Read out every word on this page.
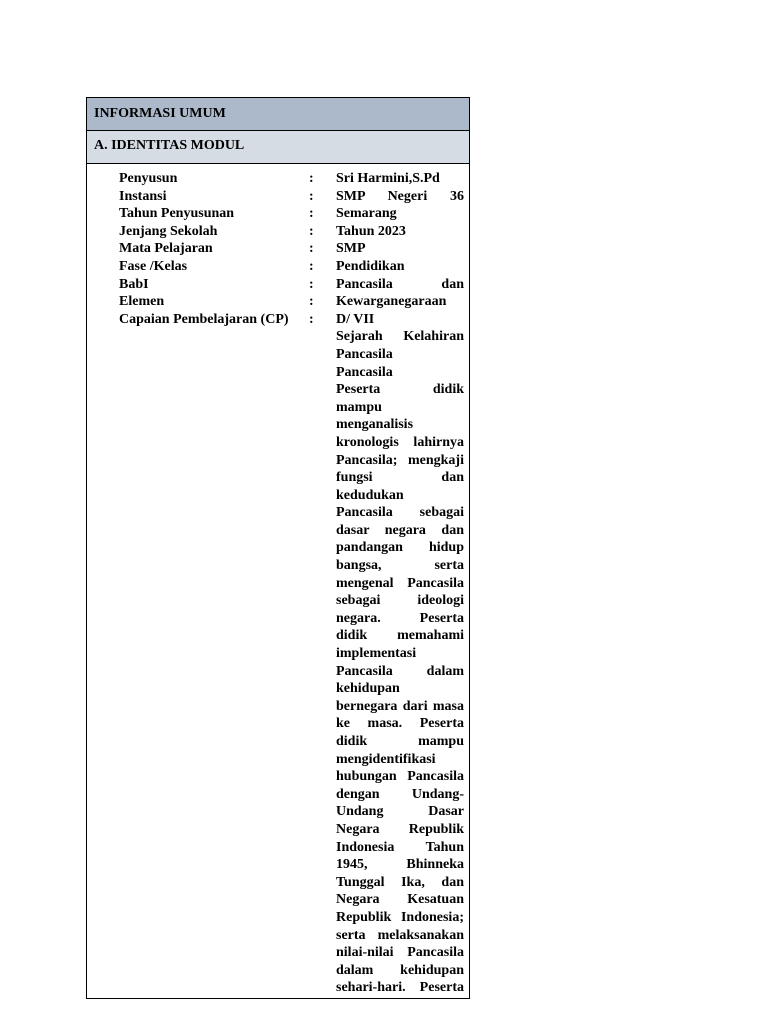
INFORMASI UMUM
A. IDENTITAS MODUL
Penyusun
Instansi
Tahun Penyusunan
Jenjang Sekolah
Mata Pelajaran
Fase /Kelas
BabI
Elemen
Capaian Pembelajaran (CP)
:
:
:
:
:
:
:
:
:
Sri Harmini,S.Pd
SMP Negeri 36
Semarang
Tahun 2023
SMP
Pendidikan
Pancasila dan
Kewarganegaraan
D/ VII
Sejarah Kelahiran
Pancasila
Pancasila
Peserta didik
mampu
menganalisis
kronologis lahirnya
Pancasila; mengkaji
fungsi dan
kedudukan
Pancasila sebagai
dasar negara dan
pandangan hidup
bangsa, serta
mengenal Pancasila
sebagai ideologi
negara. Peserta
didik memahami
implementasi
Pancasila dalam
kehidupan
bernegara dari masa
ke masa. Peserta
didik mampu
mengidentifikasi
hubungan Pancasila
dengan Undang-
Undang Dasar
Negara Republik
Indonesia Tahun
1945, Bhinneka
Tunggal Ika, dan
Negara Kesatuan
Republik Indonesia;
serta melaksanakan
nilai-nilai Pancasila
dalam kehidupan
sehari-hari. Peserta
